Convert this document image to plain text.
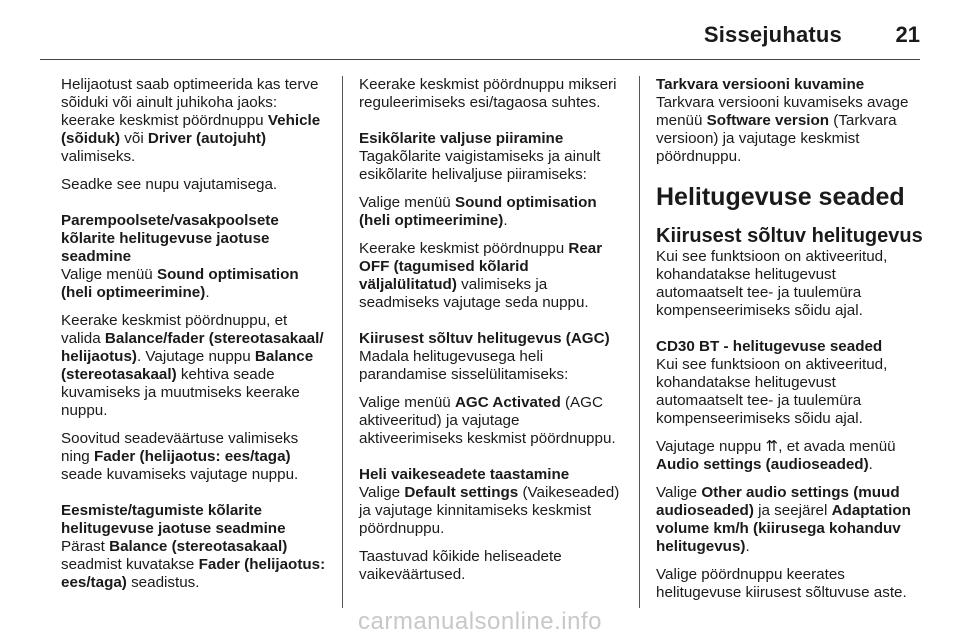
Sissejuhatus 21

Helijaotust saab optimeerida kas terve sõiduki või ainult juhikoha jaoks: keerake keskmist pöördnuppu Vehicle (sõiduk) või Driver (autojuht) valimiseks.

Seadke see nupu vajutamisega.

Parempoolsete/vasakpoolsete kõlarite helitugevuse jaotuse seadmine

Valige menüü Sound optimisation (heli optimeerimine).

Keerake keskmist pöördnuppu, et valida Balance/fader (stereotasakaal/ helijaotus). Vajutage nuppu Balance (stereotasakaal) kehtiva seade kuvamiseks ja muutmiseks keerake nuppu.

Soovitud seadeväärtuse valimiseks ning Fader (helijaotus: ees/taga) seade kuvamiseks vajutage nuppu.

Eesmiste/tagumiste kõlarite helitugevuse jaotuse seadmine

Pärast Balance (stereotasakaal) seadmist kuvatakse Fader (helijaotus: ees/taga) seadistus.

Keerake keskmist pöördnuppu mikseri reguleerimiseks esi/tagaosa suhtes.

Esikõlarite valjuse piiramine

Tagakõlarite vaigistamiseks ja ainult esikõlarite helivaljuse piiramiseks:

Valige menüü Sound optimisation (heli optimeerimine).

Keerake keskmist pöördnuppu Rear OFF (tagumised kõlarid väljalülitatud) valimiseks ja seadmiseks vajutage seda nuppu.

Kiirusest sõltuv helitugevus (AGC)

Madala helitugevusega heli parandamise sisselülitamiseks:

Valige menüü AGC Activated (AGC aktiveeritud) ja vajutage aktiveerimiseks keskmist pöördnuppu.

Heli vaikeseadete taastamine

Valige Default settings (Vaikeseaded) ja vajutage kinnitamiseks keskmist pöördnuppu.

Taastuvad kõikide heliseadete vaikeväärtused.

Tarkvara versiooni kuvamine

Tarkvara versiooni kuvamiseks avage menüü Software version (Tarkvara versioon) ja vajutage keskmist pöördnuppu.

Helitugevuse seaded
Kiirusest sõltuv helitugevus

Kui see funktsioon on aktiveeritud, kohandatakse helitugevust automaatselt tee- ja tuulemüra kompenseerimiseks sõidu ajal.

CD30 BT - helitugevuse seaded

Kui see funktsioon on aktiveeritud, kohandatakse helitugevust automaatselt tee- ja tuulemüra kompenseerimiseks sõidu ajal.

Vajutage nuppu ⇈, et avada menüü Audio settings (audioseaded).

Valige Other audio settings (muud audioseaded) ja seejärel Adaptation volume km/h (kiirusega kohanduv helitugevus).

Valige pöördnuppu keerates helitugevuse kiirusest sõltuvuse aste.

carmanualsonline.info
